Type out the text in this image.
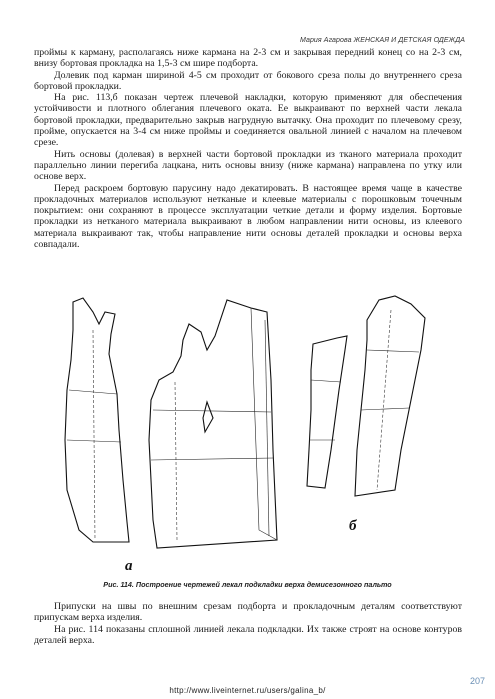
Мария Агарова ЖЕНСКАЯ И ДЕТСКАЯ ОДЕЖДА

проймы к карману, располагаясь ниже кармана на 2-3 см и закрывая передний конец со на 2-3 см, внизу бортовая прокладка на 1,5-3 см шире подборта.

Долевик под карман шириной 4-5 см проходит от бокового среза полы до внутреннего среза бортовой прокладки.

На рис. 113,б показан чертеж плечевой накладки, которую применяют для обеспечения устойчивости и плотного облегания плечевого оката. Ее выкраивают по верхней части лекала бортовой прокладки, предварительно закрыв нагрудную вытачку. Она проходит по плечевому срезу, пройме, опускается на 3-4 см ниже проймы и соединяется овальной линией с началом на плечевом срезе.

Нить основы (долевая) в верхней части бортовой прокладки из тканого материала проходит параллельно линии перегиба лацкана, нить основы внизу (ниже кармана) направлена по утку или основе верх.

Перед раскроем бортовую парусину надо декатировать. В настоящее время чаще в качестве прокладочных материалов используют нетканые и клеевые материалы с порошковым точечным покрытием: они сохраняют в процессе эксплуатации четкие детали и форму изделия. Бортовые прокладки из нетканого материала выкраивают в любом направлении нити основы, из клеевого материала выкраивают так, чтобы направление нити основы деталей прокладки и основы верха совпадали.

а
б
Рис. 114. Построение чертежей лекал подкладки верха демисезонного пальто

Припуски на швы по внешним срезам подборта и прокладочным деталям соответствуют припускам верха изделия.

На рис. 114 показаны сплошной линией лекала подкладки. Их также строят на основе контуров деталей верха.

207
http://www.liveinternet.ru/users/galina_b/
